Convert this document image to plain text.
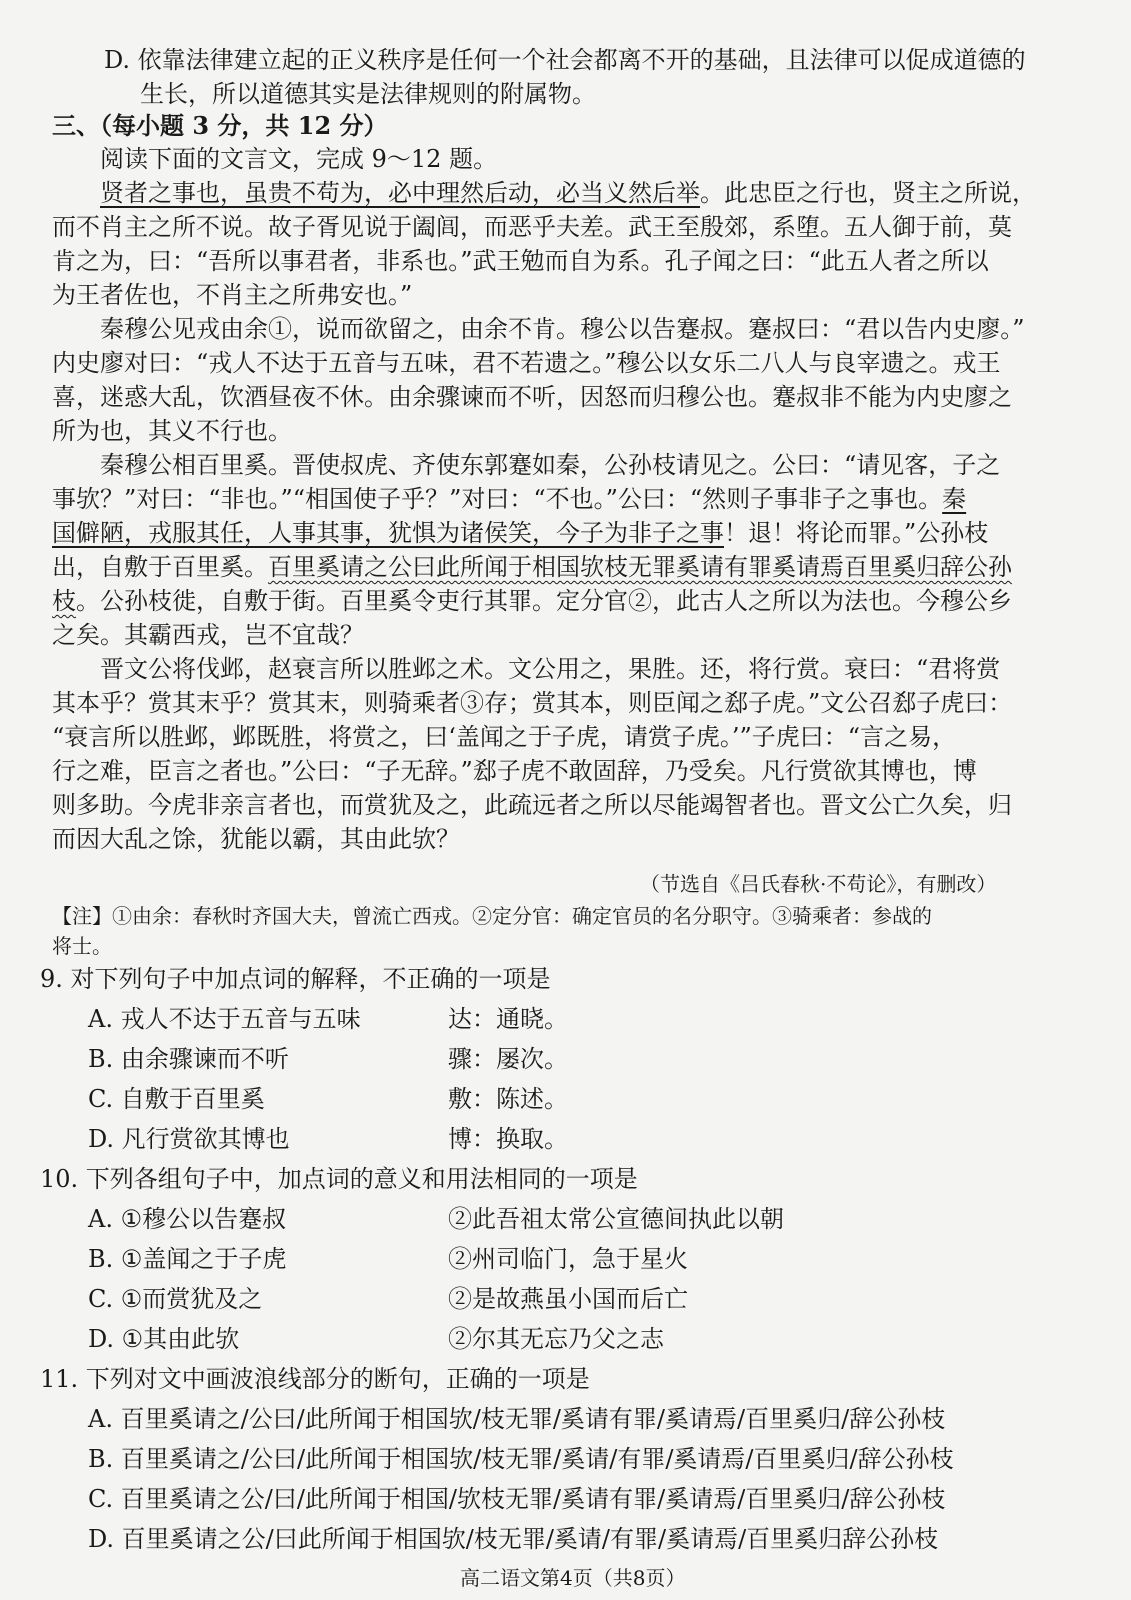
D. 依靠法律建立起的正义秩序是任何一个社会都离不开的基础，且法律可以促成道德的
生长，所以道德其实是法律规则的附属物。
三、（每小题 3 分，共 12 分）
阅读下面的文言文，完成 9～12 题。
贤者之事也，虽贵不苟为，必中理然后动，必当义然后举。此忠臣之行也，贤主之所说，
而不肖主之所不说。故子胥见说于阖闾，而恶乎夫差。武王至殷郊，系堕。五人御于前，莫
肯之为，曰：“吾所以事君者，非系也。”武王勉而自为系。孔子闻之曰：“此五人者之所以
为王者佐也，不肖主之所弗安也。”
秦穆公见戎由余①，说而欲留之，由余不肯。穆公以告蹇叔。蹇叔曰：“君以告内史廖。”
内史廖对曰：“戎人不达于五音与五味，君不若遗之。”穆公以女乐二八人与良宰遗之。戎王
喜，迷惑大乱，饮酒昼夜不休。由余骤谏而不听，因怒而归穆公也。蹇叔非不能为内史廖之
所为也，其义不行也。
秦穆公相百里奚。晋使叔虎、齐使东郭蹇如秦，公孙枝请见之。公曰：“请见客，子之
事欤？”对曰：“非也。”“相国使子乎？”对曰：“不也。”公曰：“然则子事非子之事也。秦
国僻陋，戎服其任，人事其事，犹惧为诸侯笑，今子为非子之事！退！将论而罪。”公孙枝
出，自敷于百里奚。百里奚请之公曰此所闻于相国欤枝无罪奚请有罪奚请焉百里奚归辞公孙
枝。公孙枝徙，自敷于街。百里奚令吏行其罪。定分官②，此古人之所以为法也。今穆公乡
之矣。其霸西戎，岂不宜哉？
晋文公将伐邺，赵衰言所以胜邺之术。文公用之，果胜。还，将行赏。衰曰：“君将赏
其本乎？赏其末乎？赏其末，则骑乘者③存；赏其本，则臣闻之郄子虎。”文公召郄子虎曰：
“衰言所以胜邺，邺既胜，将赏之，曰‘盖闻之于子虎，请赏子虎。’”子虎曰：“言之易，
行之难，臣言之者也。”公曰：“子无辞。”郄子虎不敢固辞，乃受矣。凡行赏欲其博也，博
则多助。今虎非亲言者也，而赏犹及之，此疏远者之所以尽能竭智者也。晋文公亡久矣，归
而因大乱之馀，犹能以霸，其由此欤？
（节选自《吕氏春秋·不苟论》，有删改）
【注】①由余：春秋时齐国大夫，曾流亡西戎。②定分官：确定官员的名分职守。③骑乘者：参战的
将士。
9. 对下列句子中加点词的解释，不正确的一项是
A. 戎人不达于五音与五味	达：通晓。
B. 由余骤谏而不听	骤：屡次。
C. 自敷于百里奚	敷：陈述。
D. 凡行赏欲其博也	博：换取。
10. 下列各组句子中，加点词的意义和用法相同的一项是
A. ①穆公以告蹇叔	②此吾祖太常公宣德间执此以朝
B. ①盖闻之于子虎	②州司临门，急于星火
C. ①而赏犹及之	②是故燕虽小国而后亡
D. ①其由此欤	②尔其无忘乃父之志
11. 下列对文中画波浪线部分的断句，正确的一项是
A. 百里奚请之/公曰/此所闻于相国欤/枝无罪/奚请有罪/奚请焉/百里奚归/辞公孙枝
B. 百里奚请之/公曰/此所闻于相国欤/枝无罪/奚请/有罪/奚请焉/百里奚归/辞公孙枝
C. 百里奚请之公/曰/此所闻于相国/欤枝无罪/奚请有罪/奚请焉/百里奚归/辞公孙枝
D. 百里奚请之公/曰此所闻于相国欤/枝无罪/奚请/有罪/奚请焉/百里奚归辞公孙枝
高二语文第4页（共8页）
